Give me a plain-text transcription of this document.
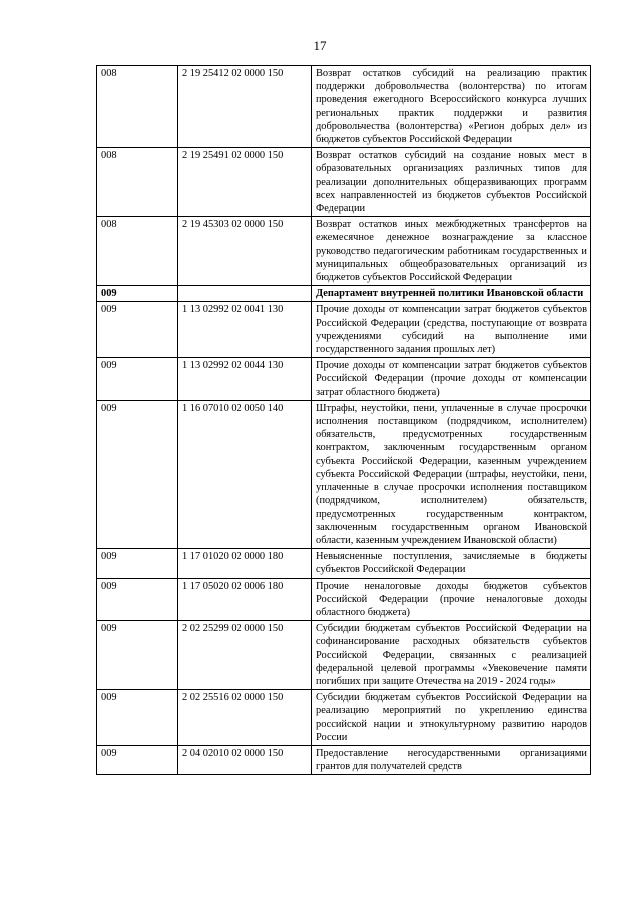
17
008	2 19 25412 02 0000 150	Возврат остатков субсидий на реализацию практик поддержки добровольчества (волонтерства) по итогам проведения ежегодного Всероссийского конкурса лучших региональных практик поддержки и развития добровольчества (волонтерства) «Регион добрых дел» из бюджетов субъектов Российской Федерации
008	2 19 25491 02 0000 150	Возврат остатков субсидий на создание новых мест в образовательных организациях различных типов для реализации дополнительных общеразвивающих программ всех направленностей из бюджетов субъектов Российской Федерации
008	2 19 45303 02 0000 150	Возврат остатков иных межбюджетных трансфертов на ежемесячное денежное вознаграждение за классное руководство педагогическим работникам государственных и муниципальных общеобразовательных организаций из бюджетов субъектов Российской Федерации
009		Департамент внутренней политики Ивановской области
009	1 13 02992 02 0041 130	Прочие доходы от компенсации затрат бюджетов субъектов Российской Федерации (средства, поступающие от возврата учреждениями субсидий на выполнение ими государственного задания прошлых лет)
009	1 13 02992 02 0044 130	Прочие доходы от компенсации затрат бюджетов субъектов Российской Федерации (прочие доходы от компенсации затрат областного бюджета)
009	1 16 07010 02 0050 140	Штрафы, неустойки, пени, уплаченные в случае просрочки исполнения поставщиком (подрядчиком, исполнителем) обязательств, предусмотренных государственным контрактом, заключенным государственным органом субъекта Российской Федерации, казенным учреждением субъекта Российской Федерации (штрафы, неустойки, пени, уплаченные в случае просрочки исполнения поставщиком (подрядчиком, исполнителем) обязательств, предусмотренных государственным контрактом, заключенным государственным органом Ивановской области, казенным учреждением Ивановской области)
009	1 17 01020 02 0000 180	Невыясненные поступления, зачисляемые в бюджеты субъектов Российской Федерации
009	1 17 05020 02 0006 180	Прочие неналоговые доходы бюджетов субъектов Российской Федерации (прочие неналоговые доходы областного бюджета)
009	2 02 25299 02 0000 150	Субсидии бюджетам субъектов Российской Федерации на софинансирование расходных обязательств субъектов Российской Федерации, связанных с реализацией федеральной целевой программы «Увековечение памяти погибших при защите Отечества на 2019 - 2024 годы»
009	2 02 25516 02 0000 150	Субсидии бюджетам субъектов Российской Федерации на реализацию мероприятий по укреплению единства российской нации и этнокультурному развитию народов России
009	2 04 02010 02 0000 150	Предоставление негосударственными организациями грантов для получателей средств
